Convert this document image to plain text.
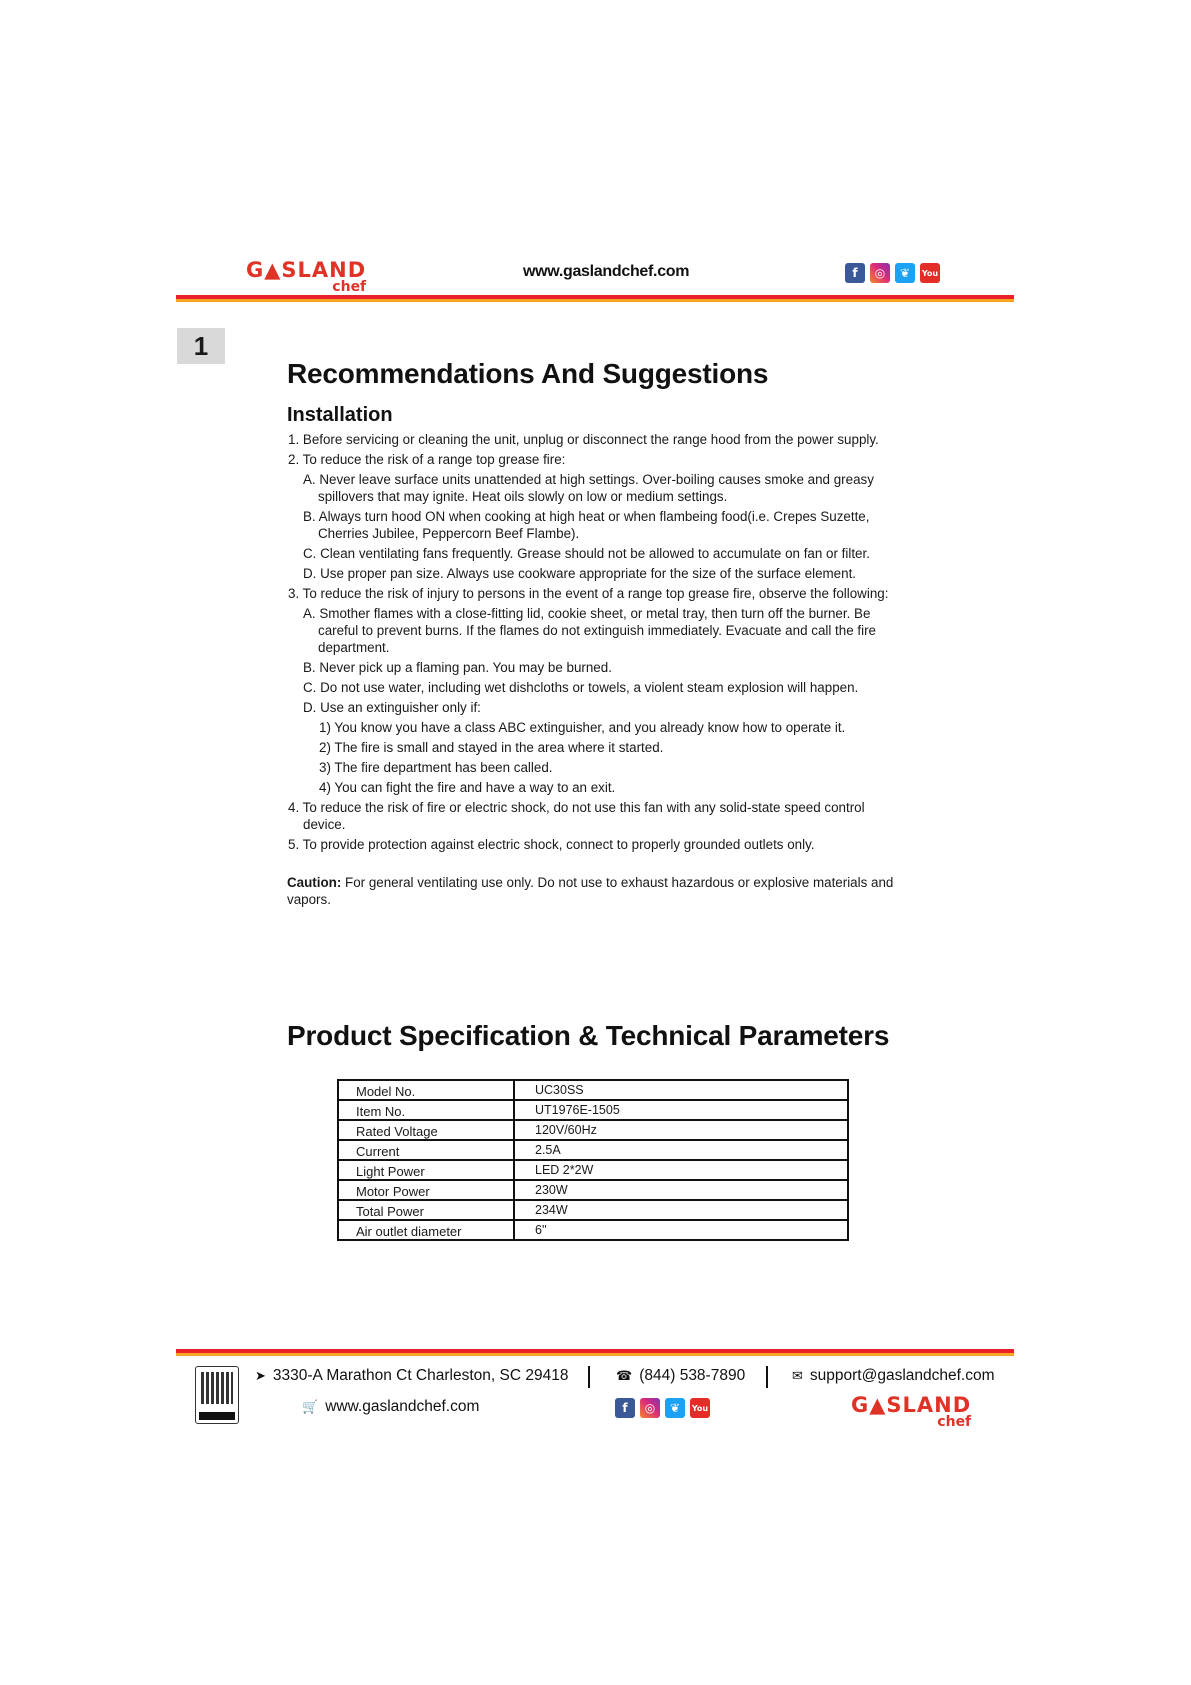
G▲SLAND
chef
www.gaslandchef.com	f	◎	❦	You
1
Recommendations And Suggestions
Installation
1. Before servicing or cleaning the unit, unplug or disconnect the range hood from the power supply.
2. To reduce the risk of a range top grease fire:
A. Never leave surface units unattended at high settings. Over-boiling causes smoke and greasy spillovers that may ignite. Heat oils slowly on low or medium settings.
B. Always turn hood ON when cooking at high heat or when flambeing food(i.e. Crepes Suzette, Cherries Jubilee, Peppercorn Beef Flambe).
C. Clean ventilating fans frequently. Grease should not be allowed to accumulate on fan or filter.
D. Use proper pan size. Always use cookware appropriate for the size of the surface element.
3. To reduce the risk of injury to persons in the event of a range top grease fire, observe the following:
A. Smother flames with a close-fitting lid, cookie sheet, or metal tray, then turn off the burner. Be careful to prevent burns. If the flames do not extinguish immediately. Evacuate and call the fire department.
B. Never pick up a flaming pan. You may be burned.
C. Do not use water, including wet dishcloths or towels, a violent steam explosion will happen.
D. Use an extinguisher only if:
1) You know you have a class ABC extinguisher, and you already know how to operate it.
2) The fire is small and stayed in the area where it started.
3) The fire department has been called.
4) You can fight the fire and have a way to an exit.
4. To reduce the risk of fire or electric shock, do not use this fan with any solid-state speed control device.
5. To provide protection against electric shock, connect to properly grounded outlets only.
Caution: For general ventilating use only. Do not use to exhaust hazardous or explosive materials and vapors.
Product Specification & Technical Parameters
Model No.	UC30SS
Item No.	UT1976E-1505
Rated Voltage	120V/60Hz
Current	2.5A
Light Power	LED 2*2W
Motor Power	230W
Total Power	234W
Air outlet diameter	6''
➤ 3330-A Marathon Ct Charleston, SC 29418	☎ (844) 538-7890	✉ support@gaslandchef.com
🛒 www.gaslandchef.com	f	◎	❦	You	G▲SLAND
chef
